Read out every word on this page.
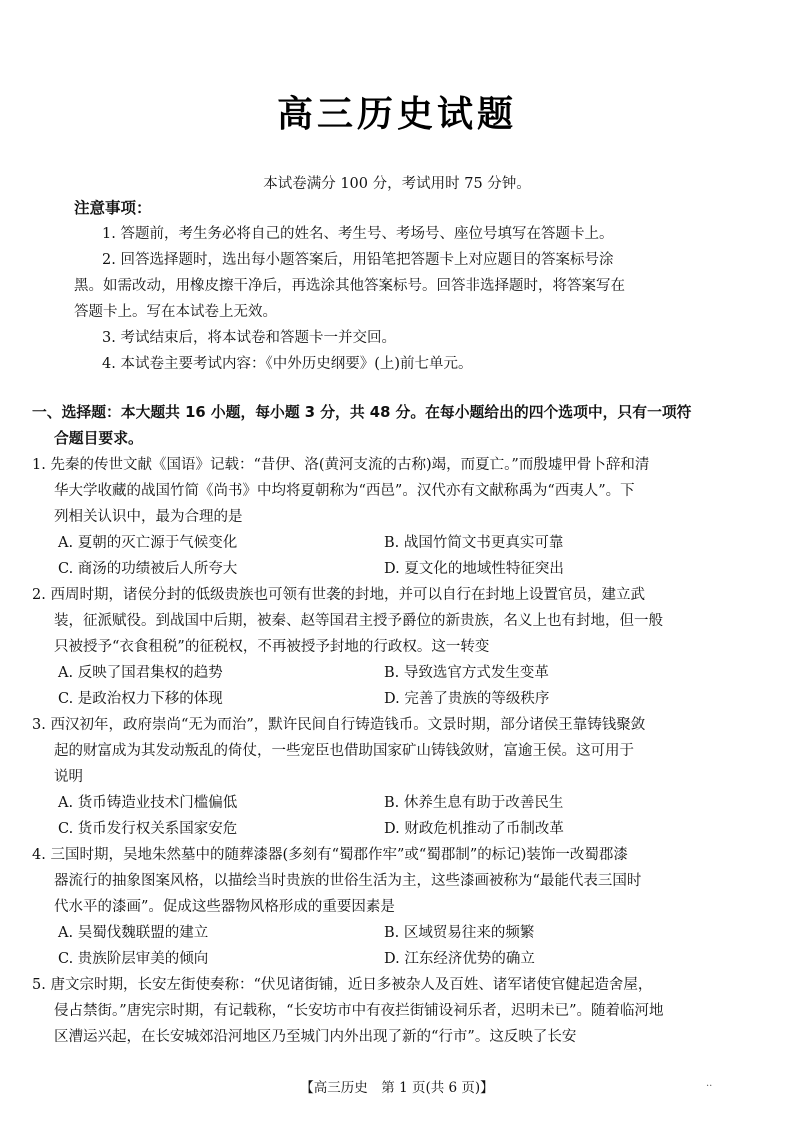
高三历史试题
本试卷满分 100 分，考试用时 75 分钟。
注意事项：
1. 答题前，考生务必将自己的姓名、考生号、考场号、座位号填写在答题卡上。
2. 回答选择题时，选出每小题答案后，用铅笔把答题卡上对应题目的答案标号涂
黑。如需改动，用橡皮擦干净后，再选涂其他答案标号。回答非选择题时，将答案写在
答题卡上。写在本试卷上无效。
3. 考试结束后，将本试卷和答题卡一并交回。
4. 本试卷主要考试内容：《中外历史纲要》(上)前七单元。
一、选择题：本大题共 16 小题，每小题 3 分，共 48 分。在每小题给出的四个选项中，只有一项符
合题目要求。
1. 先秦的传世文献《国语》记载：“昔伊、洛(黄河支流的古称)竭，而夏亡。”而殷墟甲骨卜辞和清
华大学收藏的战国竹简《尚书》中均将夏朝称为“西邑”。汉代亦有文献称禹为“西夷人”。下
列相关认识中，最为合理的是
A. 夏朝的灭亡源于气候变化	B. 战国竹简文书更真实可靠
C. 商汤的功绩被后人所夸大	D. 夏文化的地域性特征突出
2. 西周时期，诸侯分封的低级贵族也可领有世袭的封地，并可以自行在封地上设置官员，建立武
装，征派赋役。到战国中后期，被秦、赵等国君主授予爵位的新贵族，名义上也有封地，但一般
只被授予“衣食租税”的征税权，不再被授予封地的行政权。这一转变
A. 反映了国君集权的趋势	B. 导致选官方式发生变革
C. 是政治权力下移的体现	D. 完善了贵族的等级秩序
3. 西汉初年，政府崇尚“无为而治”，默许民间自行铸造钱币。文景时期，部分诸侯王靠铸钱聚敛
起的财富成为其发动叛乱的倚仗，一些宠臣也借助国家矿山铸钱敛财，富逾王侯。这可用于
说明
A. 货币铸造业技术门槛偏低	B. 休养生息有助于改善民生
C. 货币发行权关系国家安危	D. 财政危机推动了币制改革
4. 三国时期，吴地朱然墓中的随葬漆器(多刻有“蜀郡作牢”或“蜀郡制”的标记)装饰一改蜀郡漆
器流行的抽象图案风格，以描绘当时贵族的世俗生活为主，这些漆画被称为“最能代表三国时
代水平的漆画”。促成这些器物风格形成的重要因素是
A. 吴蜀伐魏联盟的建立	B. 区域贸易往来的频繁
C. 贵族阶层审美的倾向	D. 江东经济优势的确立
5. 唐文宗时期，长安左街使奏称：“伏见诸街铺，近日多被杂人及百姓、诸军诸使官健起造舍屋，
侵占禁街。”唐宪宗时期，有记载称，“长安坊市中有夜拦街铺设祠乐者，迟明未已”。随着临河地
区漕运兴起，在长安城郊沿河地区乃至城门内外出现了新的“行市”。这反映了长安
【高三历史　第 1 页(共 6 页)】	..
